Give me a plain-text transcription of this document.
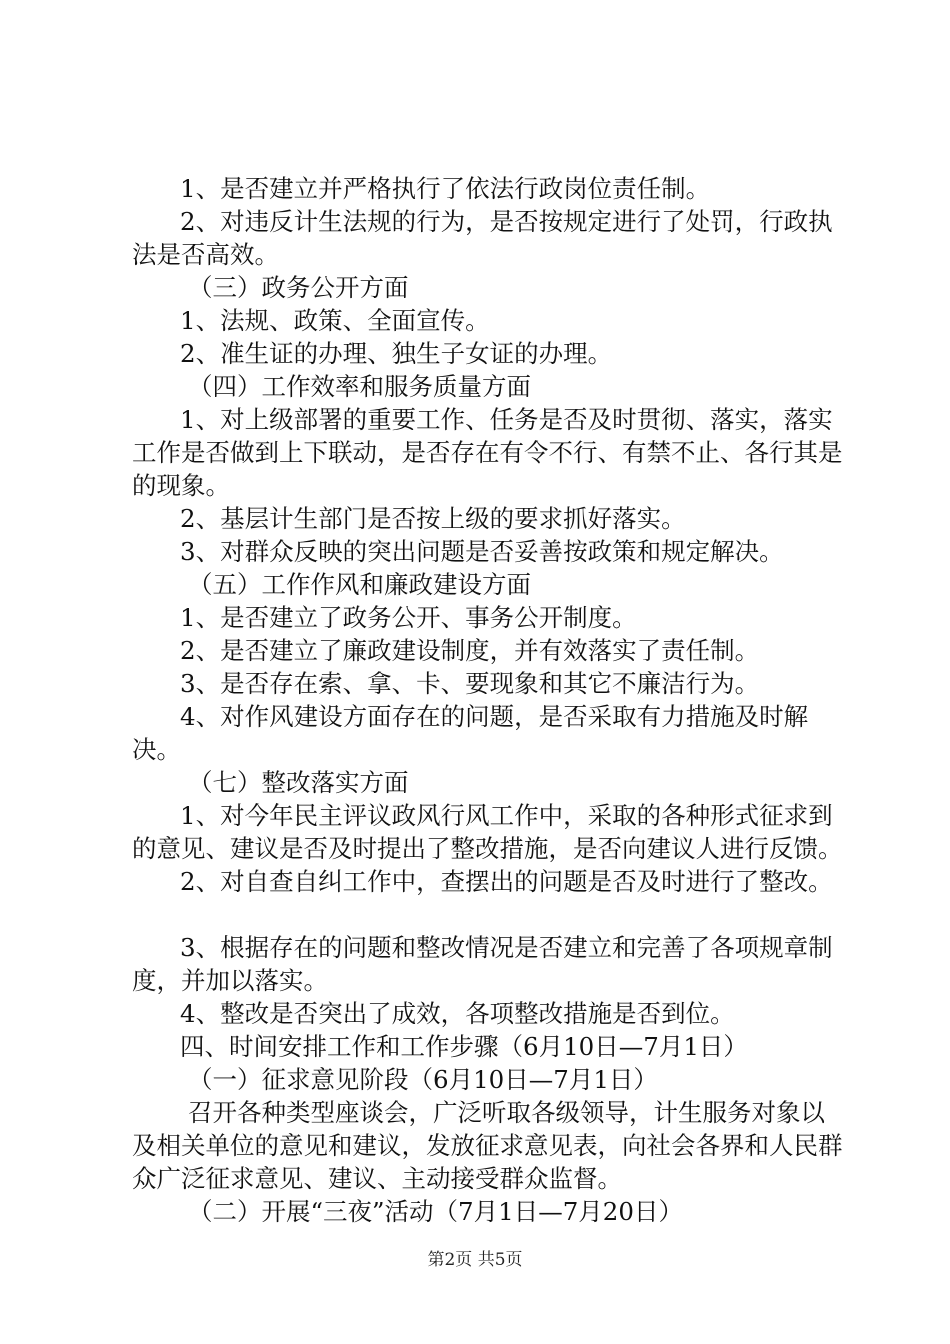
1、是否建立并严格执行了依法行政岗位责任制。

2、对违反计生法规的行为，是否按规定进行了处罚，行政执法是否高效。

（三）政务公开方面

1、法规、政策、全面宣传。

2、准生证的办理、独生子女证的办理。

（四）工作效率和服务质量方面

1、对上级部署的重要工作、任务是否及时贯彻、落实，落实工作是否做到上下联动，是否存在有令不行、有禁不止、各行其是的现象。

2、基层计生部门是否按上级的要求抓好落实。

3、对群众反映的突出问题是否妥善按政策和规定解决。

（五）工作作风和廉政建设方面

1、是否建立了政务公开、事务公开制度。

2、是否建立了廉政建设制度，并有效落实了责任制。

3、是否存在索、拿、卡、要现象和其它不廉洁行为。

4、对作风建设方面存在的问题，是否采取有力措施及时解决。

（七）整改落实方面

1、对今年民主评议政风行风工作中，采取的各种形式征求到的意见、建议是否及时提出了整改措施，是否向建议人进行反馈。

2、对自查自纠工作中，查摆出的问题是否及时进行了整改。

3、根据存在的问题和整改情况是否建立和完善了各项规章制度，并加以落实。

4、整改是否突出了成效，各项整改措施是否到位。

四、时间安排工作和工作步骤（6月10日—7月1日）

（一）征求意见阶段（6月10日—7月1日）

召开各种类型座谈会，广泛听取各级领导，计生服务对象以及相关单位的意见和建议，发放征求意见表，向社会各界和人民群众广泛征求意见、建议、主动接受群众监督。

（二）开展“三夜”活动（7月1日—7月20日）

第2页 共5页
